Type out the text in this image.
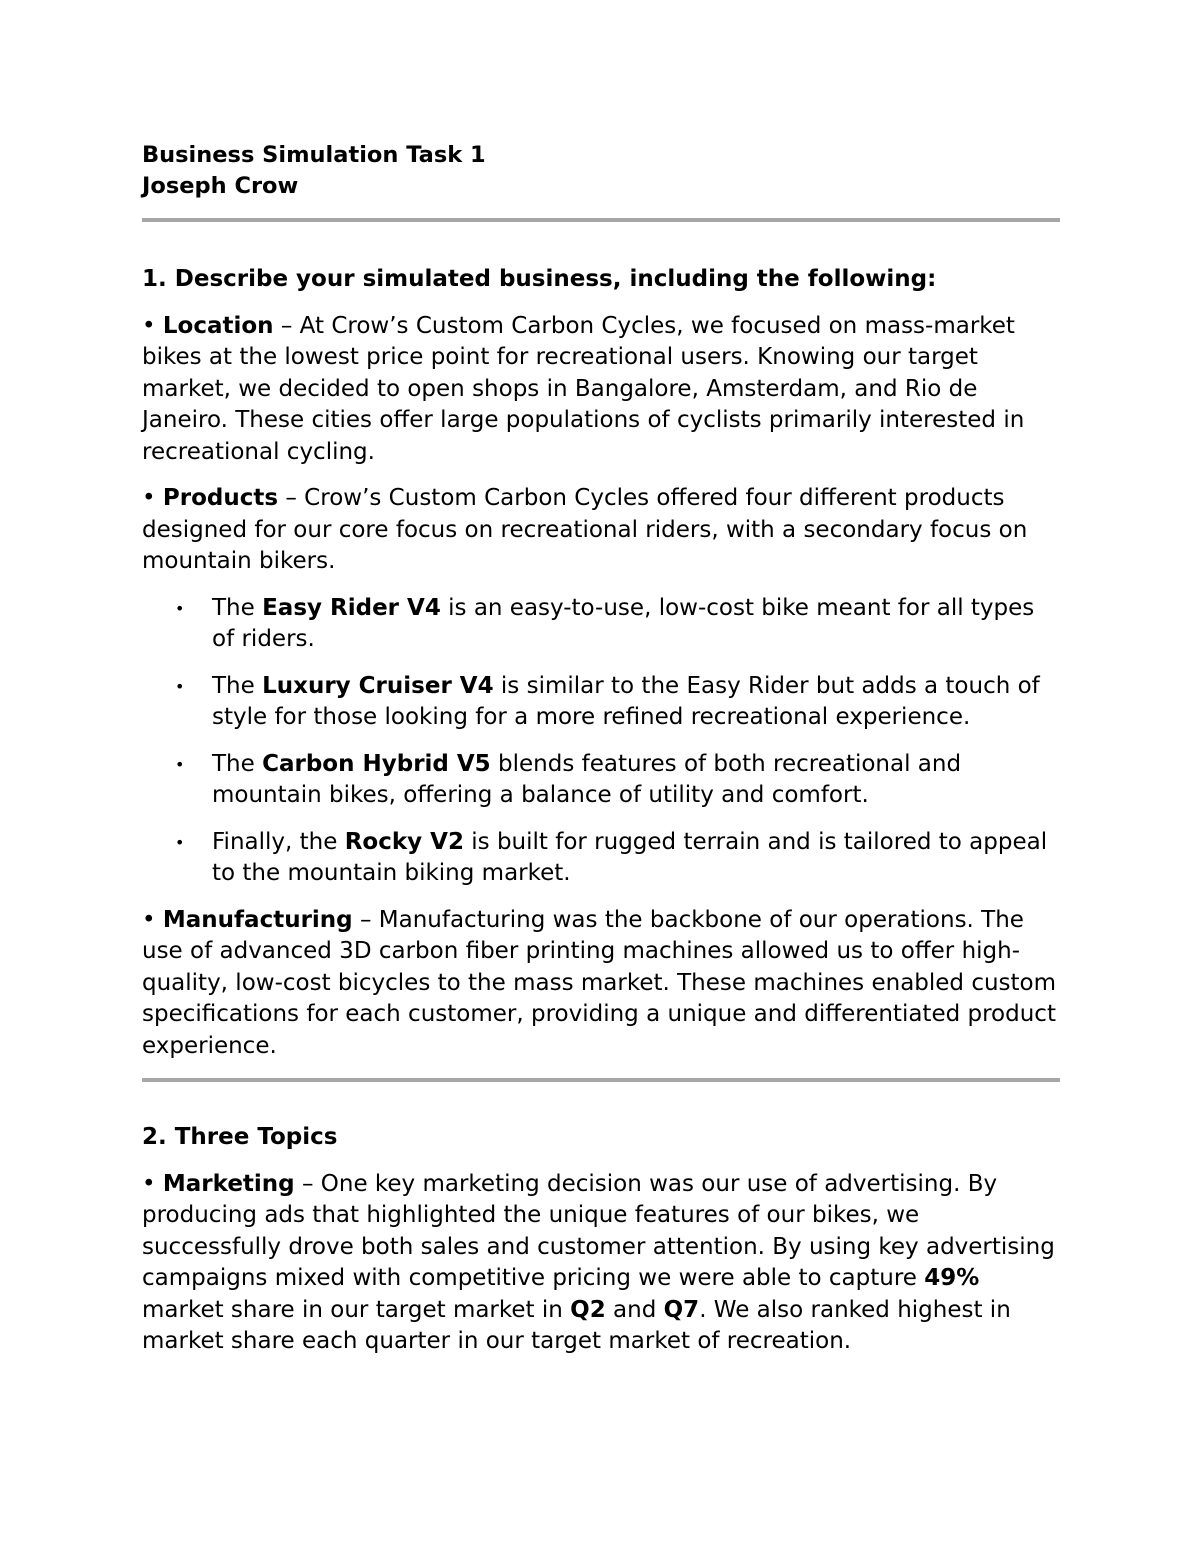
Business Simulation Task 1
Joseph Crow
1. Describe your simulated business, including the following:

• Location – At Crow’s Custom Carbon Cycles, we focused on mass-market bikes at the lowest price point for recreational users. Knowing our target market, we decided to open shops in Bangalore, Amsterdam, and Rio de Janeiro. These cities offer large populations of cyclists primarily interested in recreational cycling.

• Products – Crow’s Custom Carbon Cycles offered four different products designed for our core focus on recreational riders, with a secondary focus on mountain bikers.

• The Easy Rider V4 is an easy-to-use, low-cost bike meant for all types of riders.
• The Luxury Cruiser V4 is similar to the Easy Rider but adds a touch of style for those looking for a more refined recreational experience.
• The Carbon Hybrid V5 blends features of both recreational and mountain bikes, offering a balance of utility and comfort.
• Finally, the Rocky V2 is built for rugged terrain and is tailored to appeal to the mountain biking market.

• Manufacturing – Manufacturing was the backbone of our operations. The use of advanced 3D carbon fiber printing machines allowed us to offer high-quality, low-cost bicycles to the mass market. These machines enabled custom specifications for each customer, providing a unique and differentiated product experience.

2. Three Topics

• Marketing – One key marketing decision was our use of advertising. By producing ads that highlighted the unique features of our bikes, we successfully drove both sales and customer attention. By using key advertising campaigns mixed with competitive pricing we were able to capture 49% market share in our target market in Q2 and Q7. We also ranked highest in market share each quarter in our target market of recreation.
